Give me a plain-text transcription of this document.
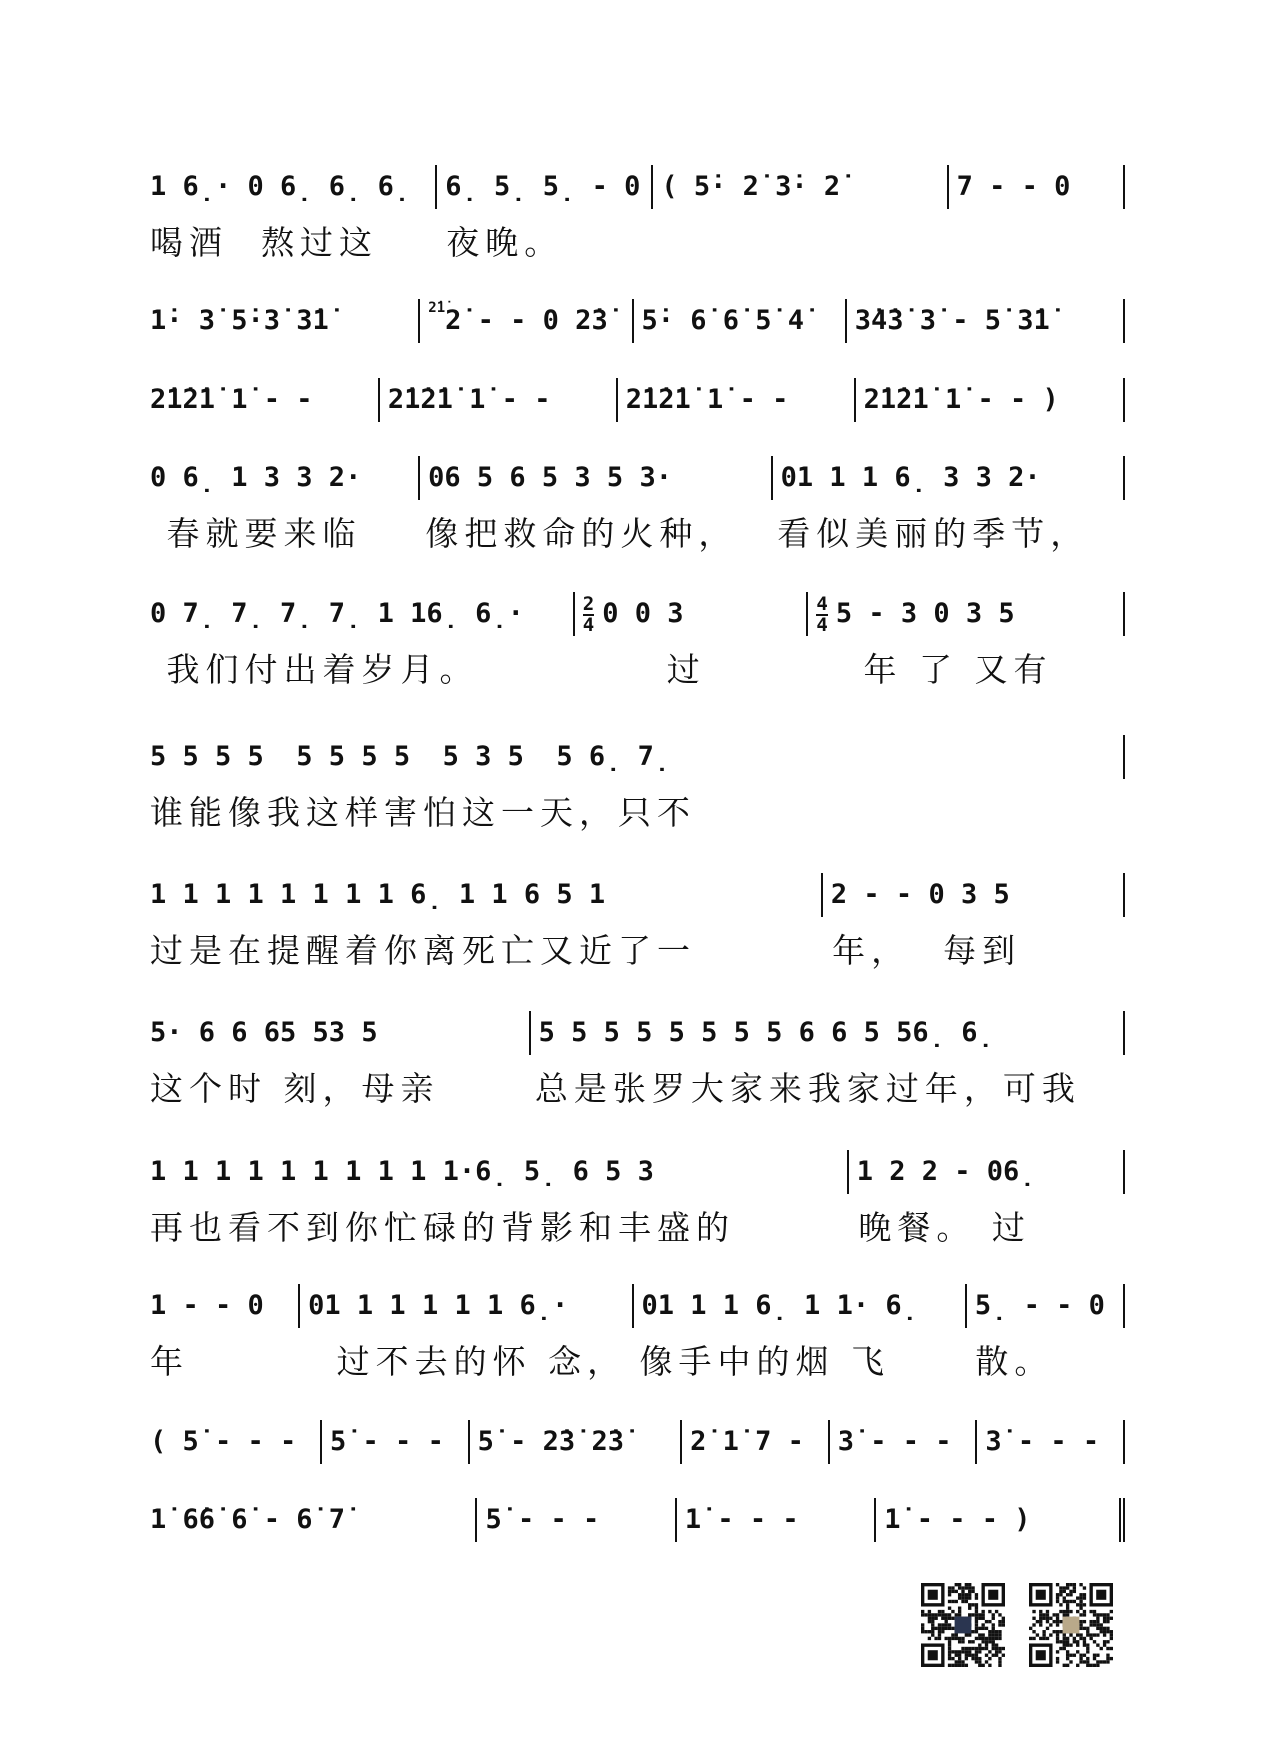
1 6̣· 0 6̣ 6̣ 6̣	6̣ 5̣ 5̣ - 0 ( 5̇· 2̇ 3̇· 2̇	7 - - 0
喝酒  熬过这	夜晚。
1̇· 3̇ 5̇·3̇ 3̇1̇	$^{2̇1̇}$2̇ - - 0 2̇3̇	5̇· 6̇ 6̇ 5̇ 4̇	3̇4̇3̇ 3̇ - 5̇ 3̇1̇
2̇1̇2̇1̇ 1̇ - -	2̇1̇2̇1̇ 1̇ - -	2̇1̇2̇1̇ 1̇ - -	2̇1̇2̇1̇ 1̇ - - )
0 6̣ 1 3 3 2·	06 5 6 5 3 5 3·	01 1 1 6̣ 3 3 2·
春就要来临	像把救命的火种，	看似美丽的季节，
0 7̣ 7̣ 7̣ 7̣ 1 16̣ 6̣·	$\frac{2}{4} 0$ 0 3	$\frac{4}{4} 5 - 3$ 0 3 5
我们付出着岁月。	过	年 了 又有
5 5 5 5  5 5 5 5  5 3 5  5 6̣ 7̣
谁能像我这样害怕这一天，只不
1 1 1 1 1 1 1 1 6̣ 1 1 6 5 1	2 - - 0 3 5
过是在提醒着你离死亡又近了一	年，  每到
5· 6 6 65 53 5	5 5 5 5 5 5 5 5 6 6 5 56̣ 6̣
这个时 刻，母亲	总是张罗大家来我家过年，可我
1 1 1 1 1 1 1 1 1 1·6̣ 5̣ 6 5 3	1 2 2 - 06̣
再也看不到你忙碌的背影和丰盛的	晚餐。 过
1 - - 0	01 1 1 1 1 1 6̣·	01 1 1 6̣ 1 1· 6̣	5̣ - - 0
年	过不去的怀 念， 像手中的烟 飞	散。
( 5̇ - - -	5̇ - - -	5̇ - 2̇3̇ 2̇3̇	2̇ 1̇ 7 -	3̇ - - -	3̇ - - -
1̇ 6̇6̇ 6̇ - 6̇ 7̇	5̇ - - -	1̇ - - -	1̇ - - - )
